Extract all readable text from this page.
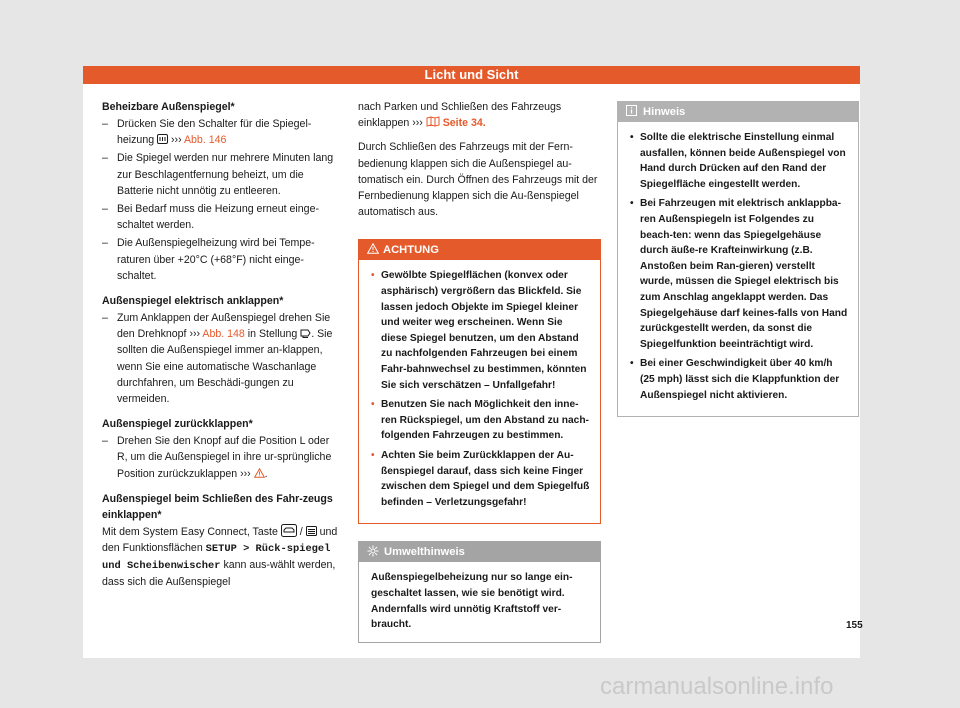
Licht und Sicht
Beheizbare Außenspiegel*
– Drücken Sie den Schalter für die Spiegel-heizung ››› Abb. 146
– Die Spiegel werden nur mehrere Minuten lang zur Beschlagentfernung beheizt, um die Batterie nicht unnötig zu entleeren.
– Bei Bedarf muss die Heizung erneut einge-schaltet werden.
– Die Außenspiegelheizung wird bei Tempe-raturen über +20°C (+68°F) nicht einge-schaltet.
Außenspiegel elektrisch anklappen*
– Zum Anklappen der Außenspiegel drehen Sie den Drehknopf ››› Abb. 148 in Stellung . Sie sollten die Außenspiegel immer an-klappen, wenn Sie eine automatische Waschanlage durchfahren, um Beschädi-gungen zu vermeiden.
Außenspiegel zurückklappen*
– Drehen Sie den Knopf auf die Position L oder R, um die Außenspiegel in ihre ur-sprüngliche Position zurückzuklappen ››› .
Außenspiegel beim Schließen des Fahr-zeugs einklappen*
Mit dem System Easy Connect, Taste / und den Funktionsflächen SETUP > Rück-spiegel und Scheibenwischer kann aus-wählt werden, dass sich die Außenspiegel

nach Parken und Schließen des Fahrzeugs einklappen ››› Seite 34.

Durch Schließen des Fahrzeugs mit der Fern-bedienung klappen sich die Außenspiegel au-tomatisch ein. Durch Öffnen des Fahrzeugs mit der Fernbedienung klappen sich die Au-ßenspiegel automatisch aus.

ACHTUNG
• Gewölbte Spiegelflächen (konvex oder asphärisch) vergrößern das Blickfeld. Sie lassen jedoch Objekte im Spiegel kleiner und weiter weg erscheinen. Wenn Sie diese Spiegel benutzen, um den Abstand zu nachfolgenden Fahrzeugen bei einem Fahr-bahnwechsel zu bestimmen, könnten Sie sich verschätzen – Unfallgefahr!
• Benutzen Sie nach Möglichkeit den inne-ren Rückspiegel, um den Abstand zu nach-folgenden Fahrzeugen zu bestimmen.
• Achten Sie beim Zurückklappen der Au-ßenspiegel darauf, dass sich keine Finger zwischen dem Spiegel und dem Spiegelfuß befinden – Verletzungsgefahr!
Umwelthinweis
Außenspiegelbeheizung nur so lange ein-geschaltet lassen, wie sie benötigt wird. Andernfalls wird unnötig Kraftstoff ver-braucht.
Hinweis
• Sollte die elektrische Einstellung einmal ausfallen, können beide Außenspiegel von Hand durch Drücken auf den Rand der Spiegelfläche eingestellt werden.
• Bei Fahrzeugen mit elektrisch anklappba-ren Außenspiegeln ist Folgendes zu beach-ten: wenn das Spiegelgehäuse durch äuße-re Krafteinwirkung (z.B. Anstoßen beim Ran-gieren) verstellt wurde, müssen die Spiegel elektrisch bis zum Anschlag angeklappt werden. Das Spiegelgehäuse darf keines-falls von Hand zurückgestellt werden, da sonst die Spiegelfunktion beeinträchtigt wird.
• Bei einer Geschwindigkeit über 40 km/h (25 mph) lässt sich die Klappfunktion der Außenspiegel nicht aktivieren.
155
carmanualsonline.info
